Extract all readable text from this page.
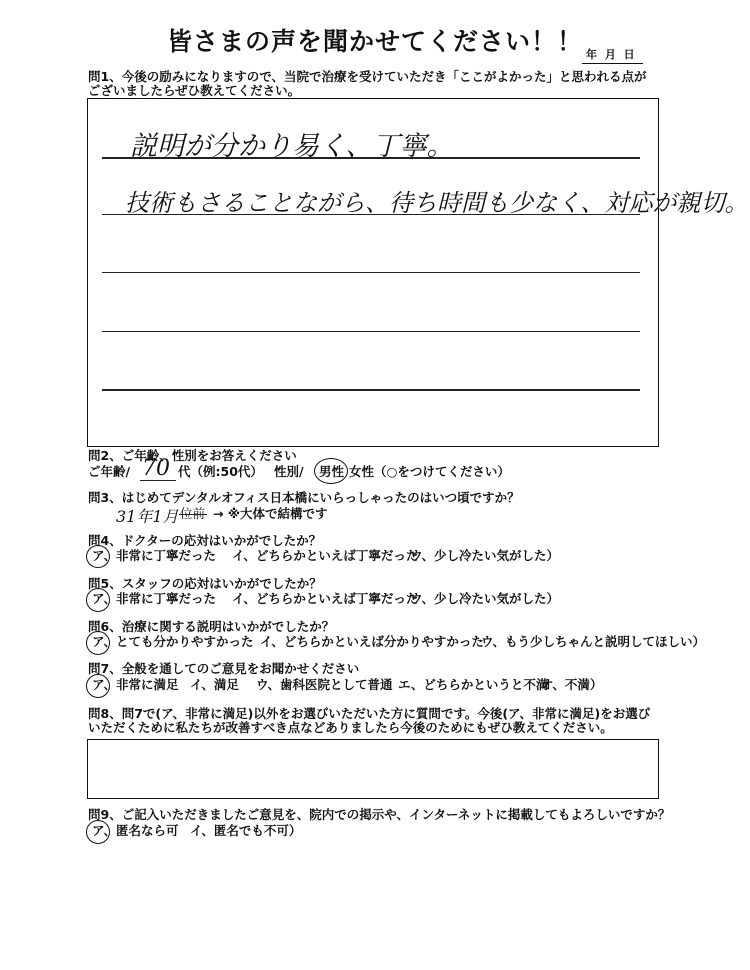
皆さまの声を聞かせてください！！ 年 月 日
問1、今後の励みになりますので、当院で治療を受けていただき「ここがよかった」と思われる点が
ございましたらぜひ教えてください。
説明が分かり易く、丁寧。
技術もさることながら、待ち時間も少なく、対応が親切。
問2、ご年齢、性別をお答えください
ご年齢/ 70 代（例:50代） 性別/ 男性 女性（○をつけてください）
問3、はじめてデンタルオフィス日本橋にいらっしゃったのはいつ頃ですか？
31年1月 位前 → ※大体で結構です
問4、ドクターの応対はいかがでしたか？
ア、非常に丁寧だった イ、どちらかといえば丁寧だった
ウ、少し冷たい気がした）
問5、スタッフの応対はいかがでしたか？
ア、非常に丁寧だった イ、どちらかといえば丁寧だった
ウ、少し冷たい気がした）
問6、治療に関する説明はいかがでしたか？
ア、とても分かりやすかった イ、どちらかといえば分かりやすかった
ウ、もう少しちゃんと説明してほしい）
問7、全般を通してのご意見をお聞かせください
ア、非常に満足 イ、満足 ウ、歯科医院として普通 エ、どちらかというと不満
オ、不満）
問8、問7で(ア、非常に満足)以外をお選びいただいた方に質問です。今後(ア、非常に満足)をお選び
いただくために私たちが改善すべき点などありましたら今後のためにもぜひ教えてください。
問9、ご記入いただきましたご意見を、院内での掲示や、インターネットに掲載してもよろしいですか？
ア、匿名なら可 イ、匿名でも不可）
